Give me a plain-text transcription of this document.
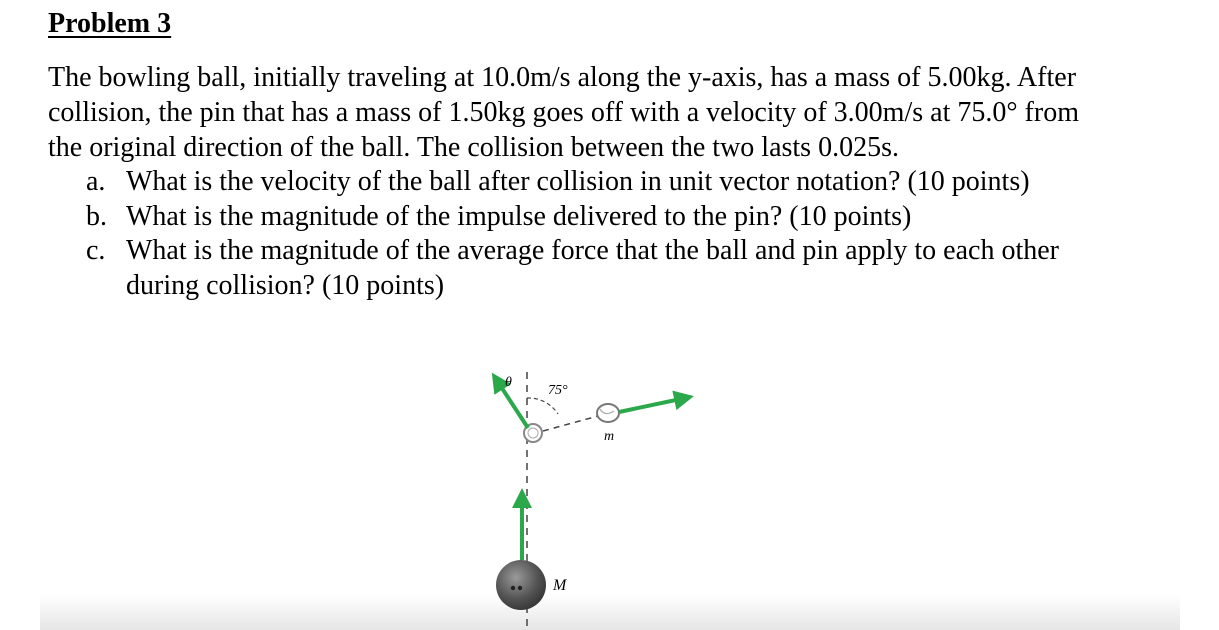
Problem 3

The bowling ball, initially traveling at 10.0m/s along the y-axis, has a mass of 5.00kg. After
collision, the pin that has a mass of 1.50kg goes off with a velocity of 3.00m/s at 75.0° from
the original direction of the ball. The collision between the two lasts 0.025s.

a. What is the velocity of the ball after collision in unit vector notation? (10 points)
b. What is the magnitude of the impulse delivered to the pin? (10 points)
c. What is the magnitude of the average force that the ball and pin apply to each other
during collision? (10 points)
θ
75°
m
M
